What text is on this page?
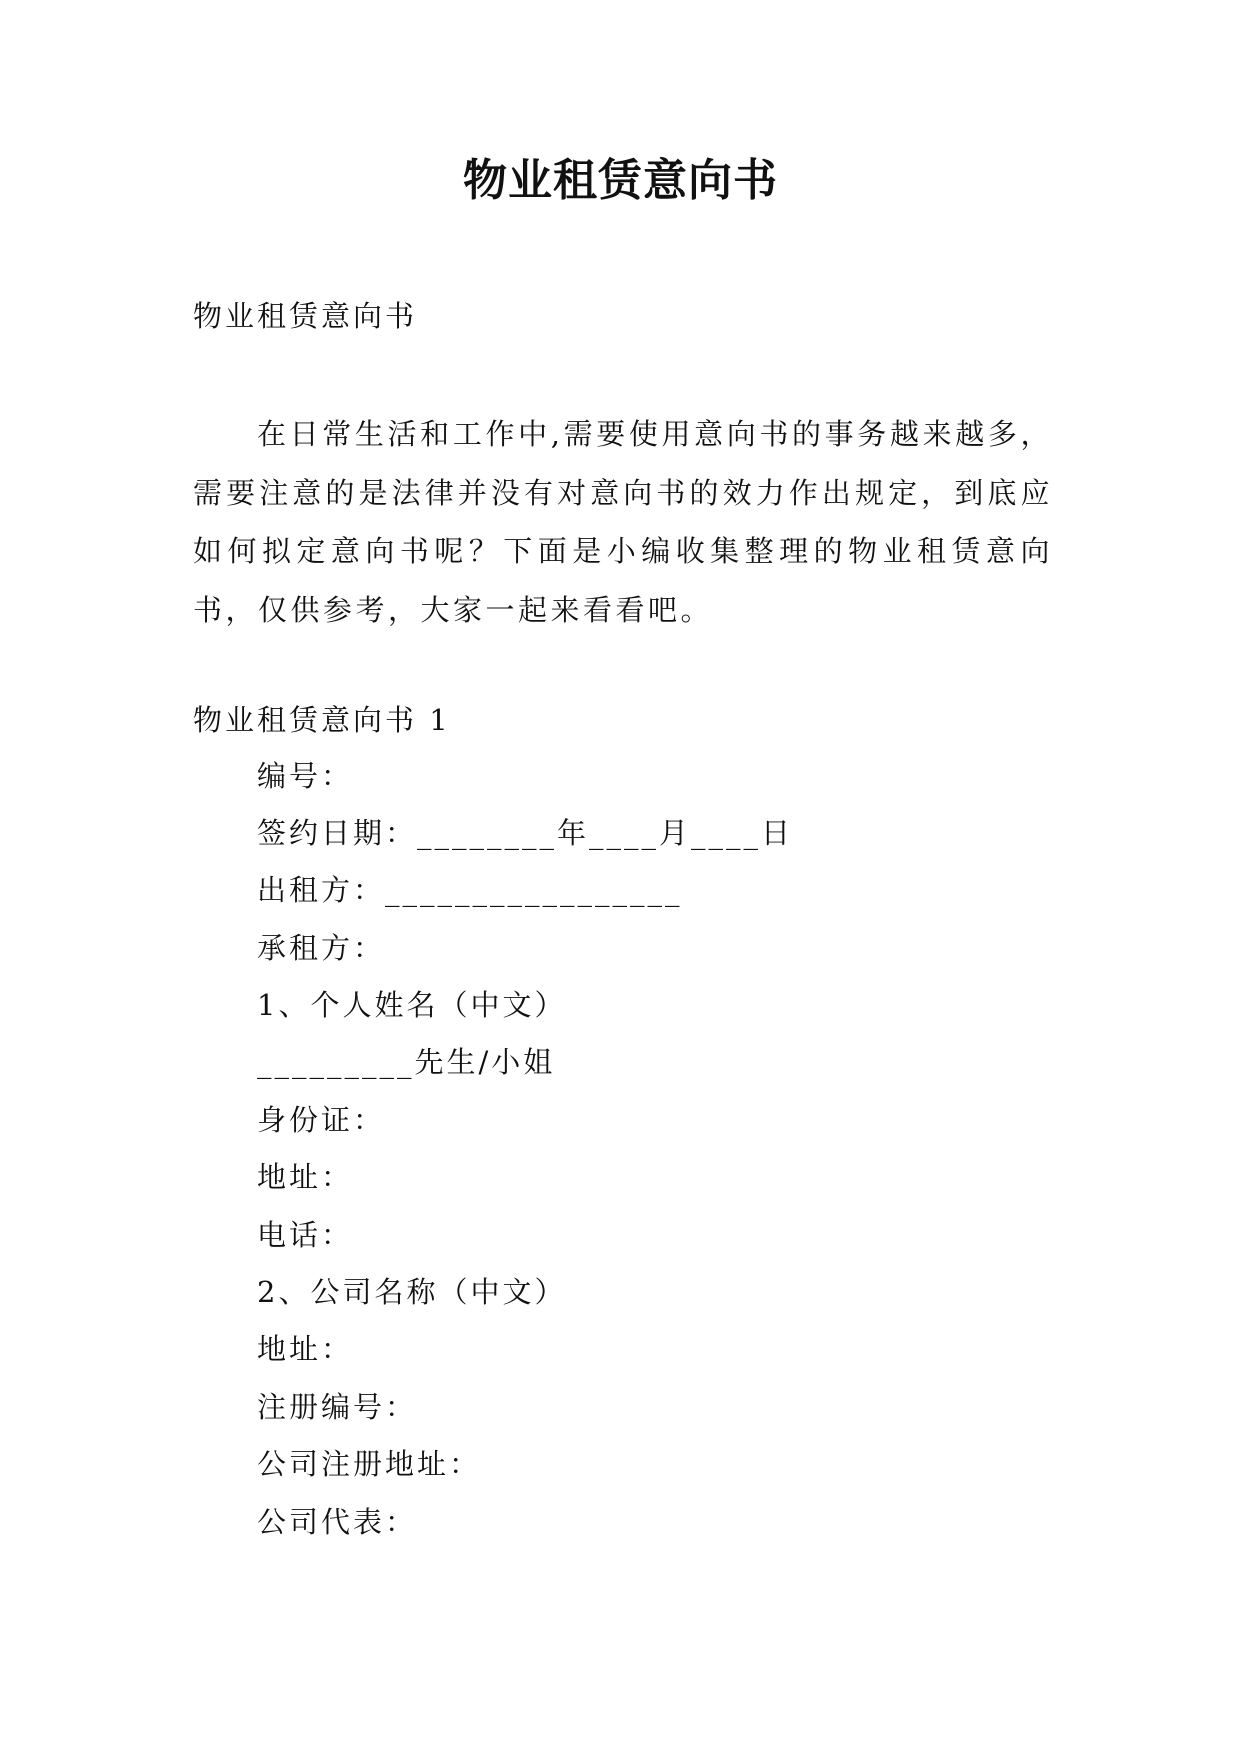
物业租赁意向书
物业租赁意向书
在日常生活和工作中,需要使用意向书的事务越来越多，需要注意的是法律并没有对意向书的效力作出规定，到底应如何拟定意向书呢？下面是小编收集整理的物业租赁意向书，仅供参考，大家一起来看看吧。
物业租赁意向书 1
编号：
签约日期：________年____月____日
出租方：_________________
承租方：
1、个人姓名（中文）
_________先生/小姐
身份证：
地址：
电话：
2、公司名称（中文）
地址：
注册编号：
公司注册地址：
公司代表：
